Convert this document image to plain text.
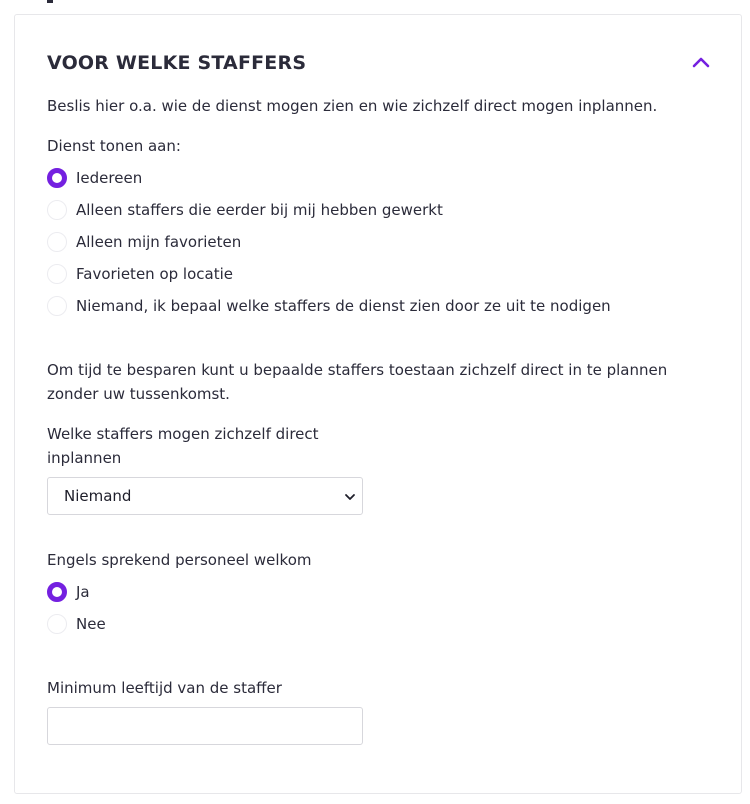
VOOR WELKE STAFFERS
Beslis hier o.a. wie de dienst mogen zien en wie zichzelf direct mogen inplannen.
Dienst tonen aan:
Iedereen
Alleen staffers die eerder bij mij hebben gewerkt
Alleen mijn favorieten
Favorieten op locatie
Niemand, ik bepaal welke staffers de dienst zien door ze uit te nodigen
Om tijd te besparen kunt u bepaalde staffers toestaan zichzelf direct in te plannen
zonder uw tussenkomst.
Welke staffers mogen zichzelf direct
inplannen
Niemand
Engels sprekend personeel welkom
Ja
Nee
Minimum leeftijd van de staffer
